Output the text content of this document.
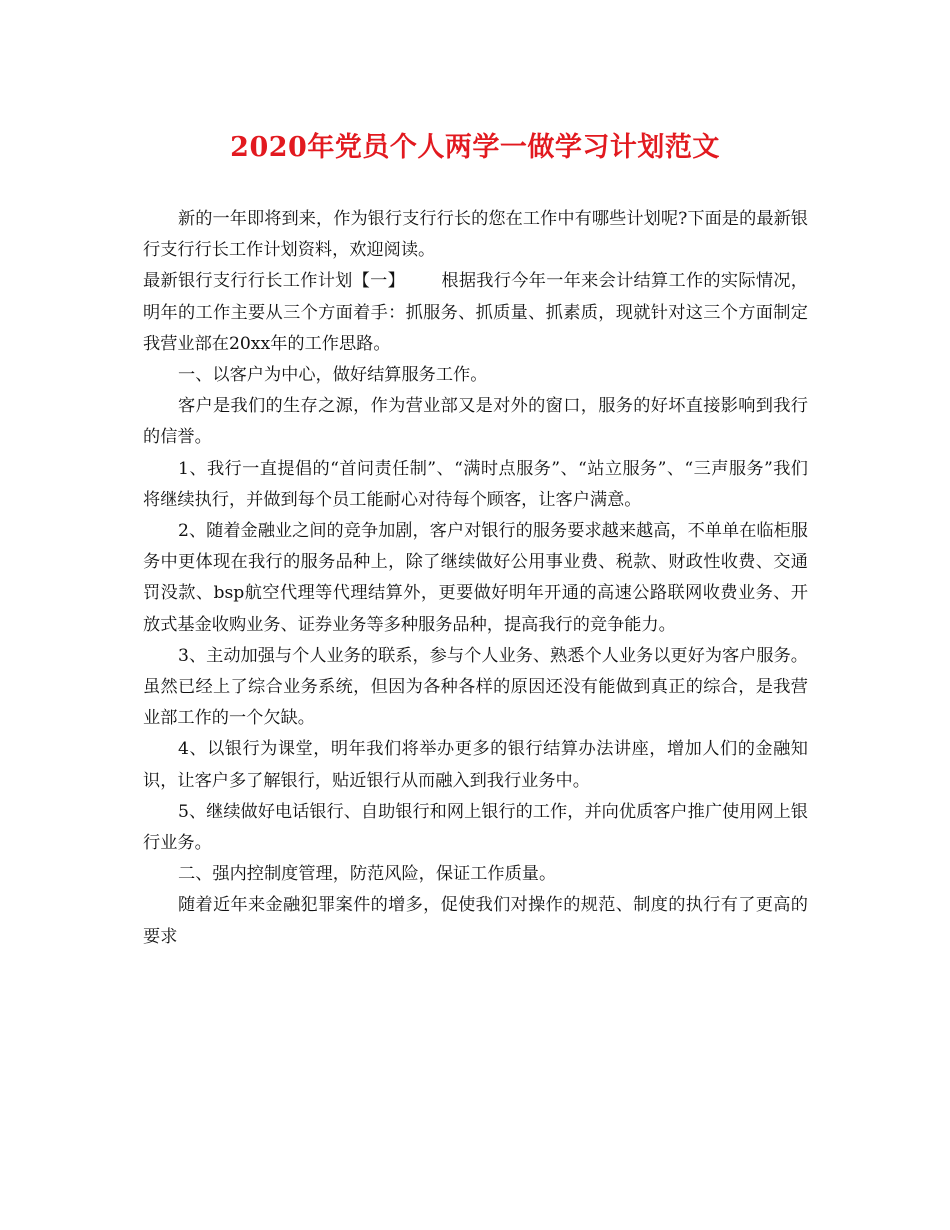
2020年党员个人两学一做学习计划范文

新的一年即将到来，作为银行支行行长的您在工作中有哪些计划呢?下面是的最新银行支行行长工作计划资料，欢迎阅读。

最新银行支行行长工作计划【一】 根据我行今年一年来会计结算工作的实际情况，明年的工作主要从三个方面着手：抓服务、抓质量、抓素质，现就针对这三个方面制定我营业部在20xx年的工作思路。

一、以客户为中心，做好结算服务工作。

客户是我们的生存之源，作为营业部又是对外的窗口，服务的好坏直接影响到我行的信誉。

1、我行一直提倡的“首问责任制”、“满时点服务”、“站立服务”、“三声服务”我们将继续执行，并做到每个员工能耐心对待每个顾客，让客户满意。

2、随着金融业之间的竞争加剧，客户对银行的服务要求越来越高，不单单在临柜服务中更体现在我行的服务品种上，除了继续做好公用事业费、税款、财政性收费、交通罚没款、bsp航空代理等代理结算外，更要做好明年开通的高速公路联网收费业务、开放式基金收购业务、证券业务等多种服务品种，提高我行的竞争能力。

3、主动加强与个人业务的联系，参与个人业务、熟悉个人业务以更好为客户服务。虽然已经上了综合业务系统，但因为各种各样的原因还没有能做到真正的综合，是我营业部工作的一个欠缺。

4、以银行为课堂，明年我们将举办更多的银行结算办法讲座，增加人们的金融知识，让客户多了解银行，贴近银行从而融入到我行业务中。

5、继续做好电话银行、自助银行和网上银行的工作，并向优质客户推广使用网上银行业务。

二、强内控制度管理，防范风险，保证工作质量。

随着近年来金融犯罪案件的增多，促使我们对操作的规范、制度的执行有了更高的要求
